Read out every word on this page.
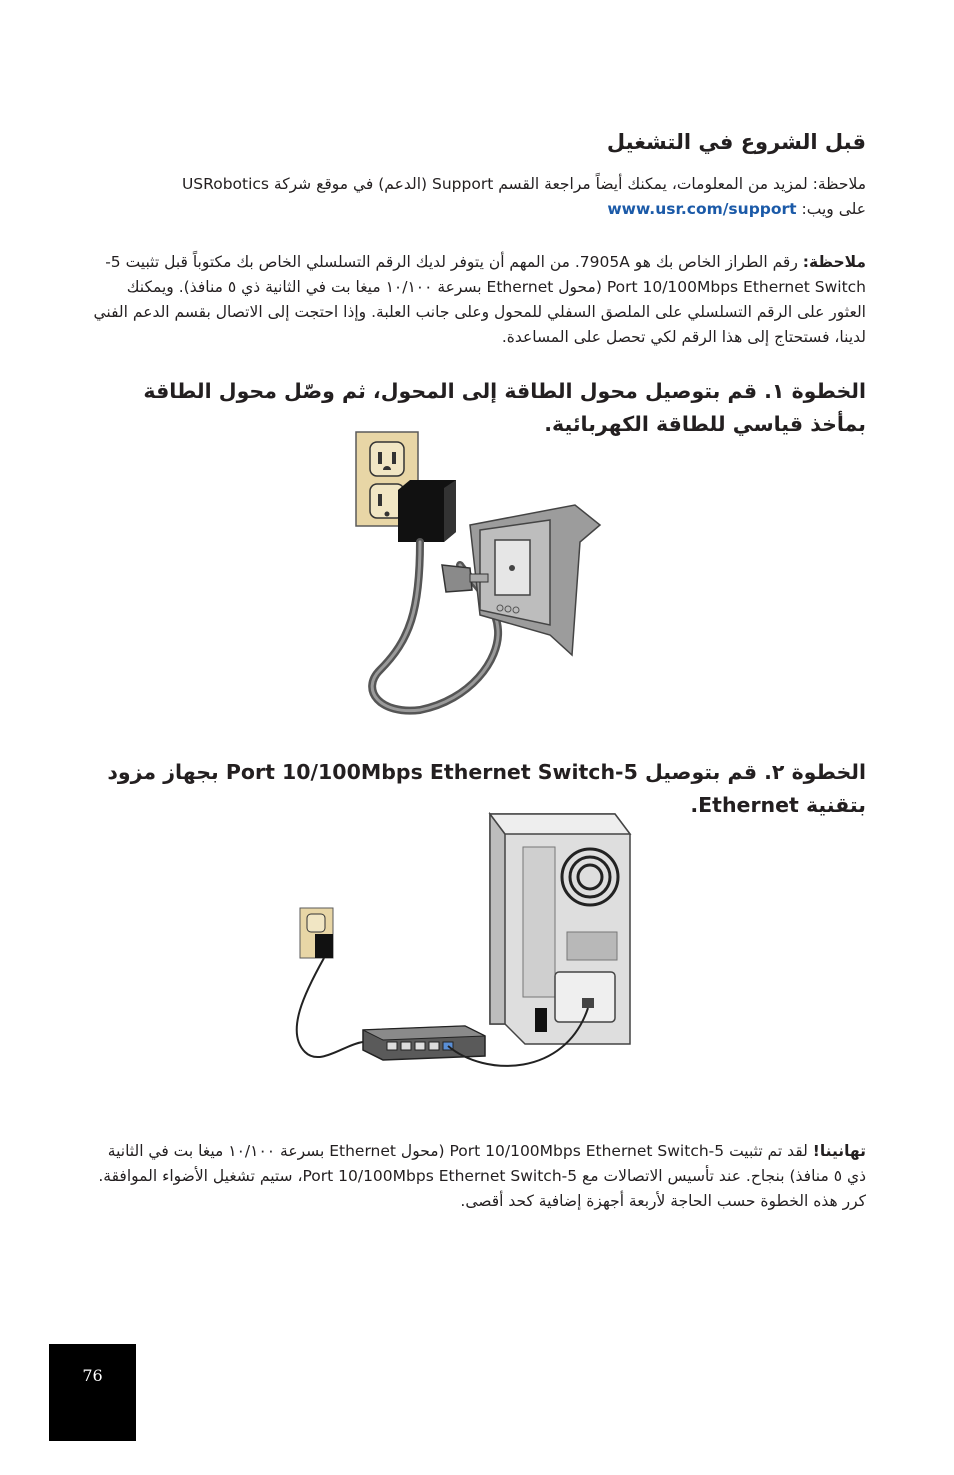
قبل الشروع في التشغيل

ملاحظة: لمزيد من المعلومات، يمكنك أيضاً مراجعة القسم Support (الدعم) في موقع شركة USRobotics

على ويب: www.usr.com/support

ملاحظة: رقم الطراز الخاص بك هو 7905A. من المهم أن يتوفر لديك الرقم التسلسلي الخاص بك مكتوباً قبل تثبيت 5-Port 10/100Mbps Ethernet Switch (محول Ethernet بسرعة ١٠/١٠٠ ميغا بت في الثانية ذي ٥ منافذ). ويمكنك العثور على الرقم التسلسلي على الملصق السفلي للمحول وعلى جانب العلبة. وإذا احتجت إلى الاتصال بقسم الدعم الفني لدينا، فستحتاج إلى هذا الرقم لكي تحصل على المساعدة.

الخطوة ١. قم بتوصيل محول الطاقة إلى المحول، ثم وصّل محول الطاقة بمأخذ قياسي للطاقة الكهربائية.

الخطوة ٢. قم بتوصيل 5-Port 10/100Mbps Ethernet Switch بجهاز مزود بتقنية Ethernet.

تهانينا! لقد تم تثبيت 5-Port 10/100Mbps Ethernet Switch (محول Ethernet بسرعة ١٠/١٠٠ ميغا بت في الثانية ذي ٥ منافذ) بنجاح. عند تأسيس الاتصالات مع 5-Port 10/100Mbps Ethernet Switch، ستيم تشغيل الأضواء الموافقة. كرر هذه الخطوة حسب الحاجة لأربعة أجهزة إضافية كحد أقصى.

76
